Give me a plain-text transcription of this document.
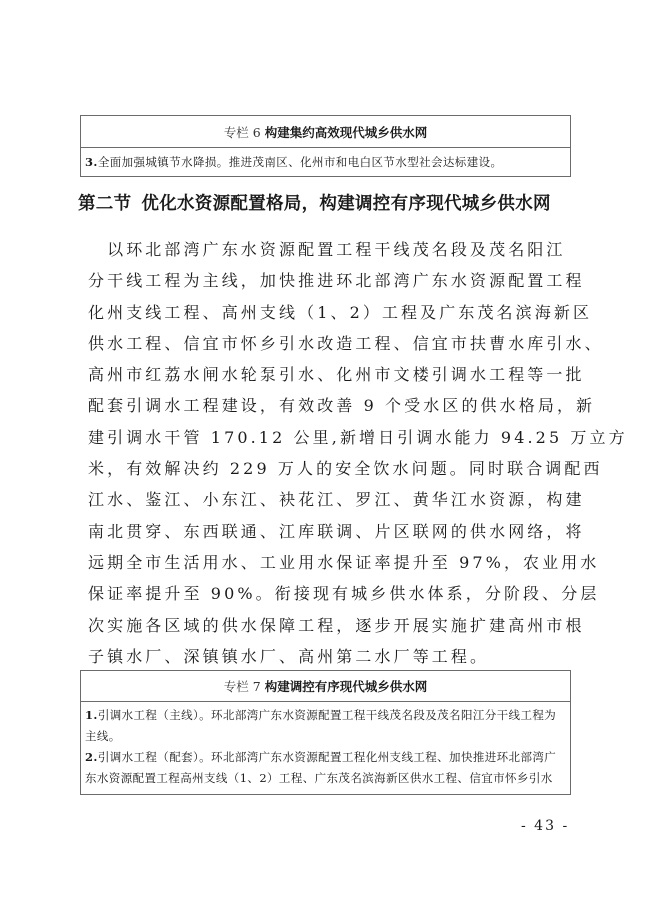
专栏 6 构建集约高效现代城乡供水网
3.全面加强城镇节水降损。推进茂南区、化州市和电白区节水型社会达标建设。
第二节 优化水资源配置格局，构建调控有序现代城乡供水网
　以环北部湾广东水资源配置工程干线茂名段及茂名阳江
分干线工程为主线，加快推进环北部湾广东水资源配置工程
化州支线工程、高州支线（1、2）工程及广东茂名滨海新区
供水工程、信宜市怀乡引水改造工程、信宜市扶曹水库引水、
高州市红荔水闸水轮泵引水、化州市文楼引调水工程等一批
配套引调水工程建设，有效改善 9 个受水区的供水格局，新
建引调水干管 170.12 公里,新增日引调水能力 94.25 万立方
米，有效解决约 229 万人的安全饮水问题。同时联合调配西
江水、鉴江、小东江、袂花江、罗江、黄华江水资源，构建
南北贯穿、东西联通、江库联调、片区联网的供水网络，将
远期全市生活用水、工业用水保证率提升至 97%，农业用水
保证率提升至 90%。衔接现有城乡供水体系，分阶段、分层
次实施各区域的供水保障工程，逐步开展实施扩建高州市根
子镇水厂、深镇镇水厂、高州第二水厂等工程。
专栏 7 构建调控有序现代城乡供水网
1.引调水工程（主线）。环北部湾广东水资源配置工程干线茂名段及茂名阳江分干线工程为
主线。
2.引调水工程（配套）。环北部湾广东水资源配置工程化州支线工程、加快推进环北部湾广
东水资源配置工程高州支线（1、2）工程、广东茂名滨海新区供水工程、信宜市怀乡引水
- 43 -
